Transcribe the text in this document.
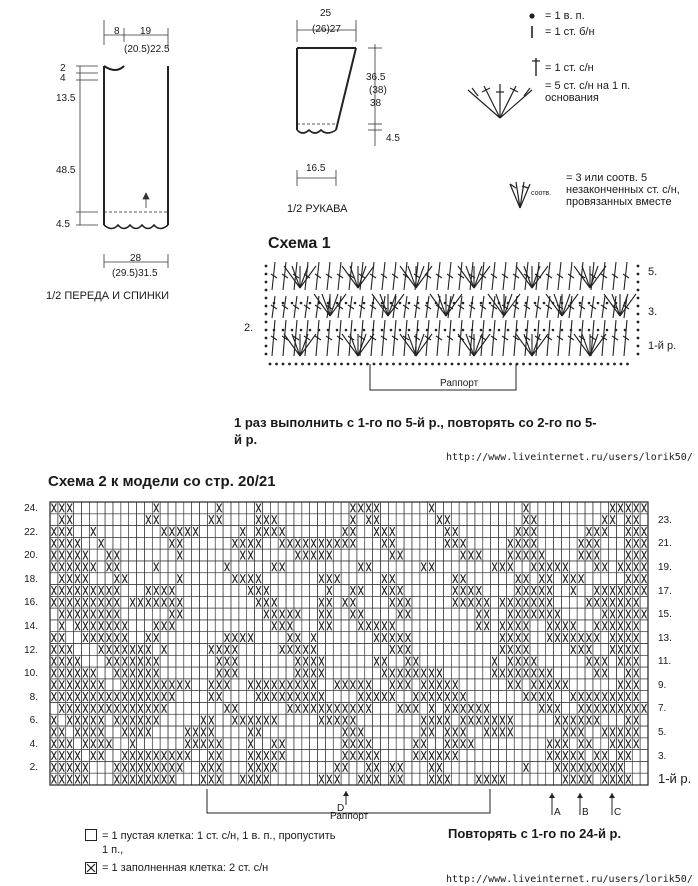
8 19
(20.5)22.5
2
4
13.5
48.5
4.5
28
(29.5)31.5
1/2 ПЕРЕДА И СПИНКИ
25
(26)27
36.5
(38)
38
4.5
16.5
1/2 РУКАВА
= 1 в. п.
= 1 ст. б/н
= 1 ст. с/н
= 5 ст. с/н на 1 п. основания
соотв.
= 3 или соотв. 5 незаконченных ст. с/н, провязанных вместе
Схема 1
5.
3.
1-й р.
2.
Раппорт
1 раз выполнить с 1-го по 5-й р., повторять со 2-го по 5-й р.
http://www.liveinternet.ru/users/lorik50/
Схема 2 к модели со стр. 20/21
24.
22.
20.
18.
16.
14.
12.
10.
8.
6.
4.
2.
23.
21.
19.
17.
15.
13.
11.
9.
7.
5.
3.
1-й р.
D	A B	C
Раппорт
Повторять с 1-го по 24-й р.
= 1 пустая клетка: 1 ст. с/н, 1 в. п., пропустить 1 п.,
= 1 заполненная клетка: 2 ст. с/н
http://www.liveinternet.ru/users/lorik50/
